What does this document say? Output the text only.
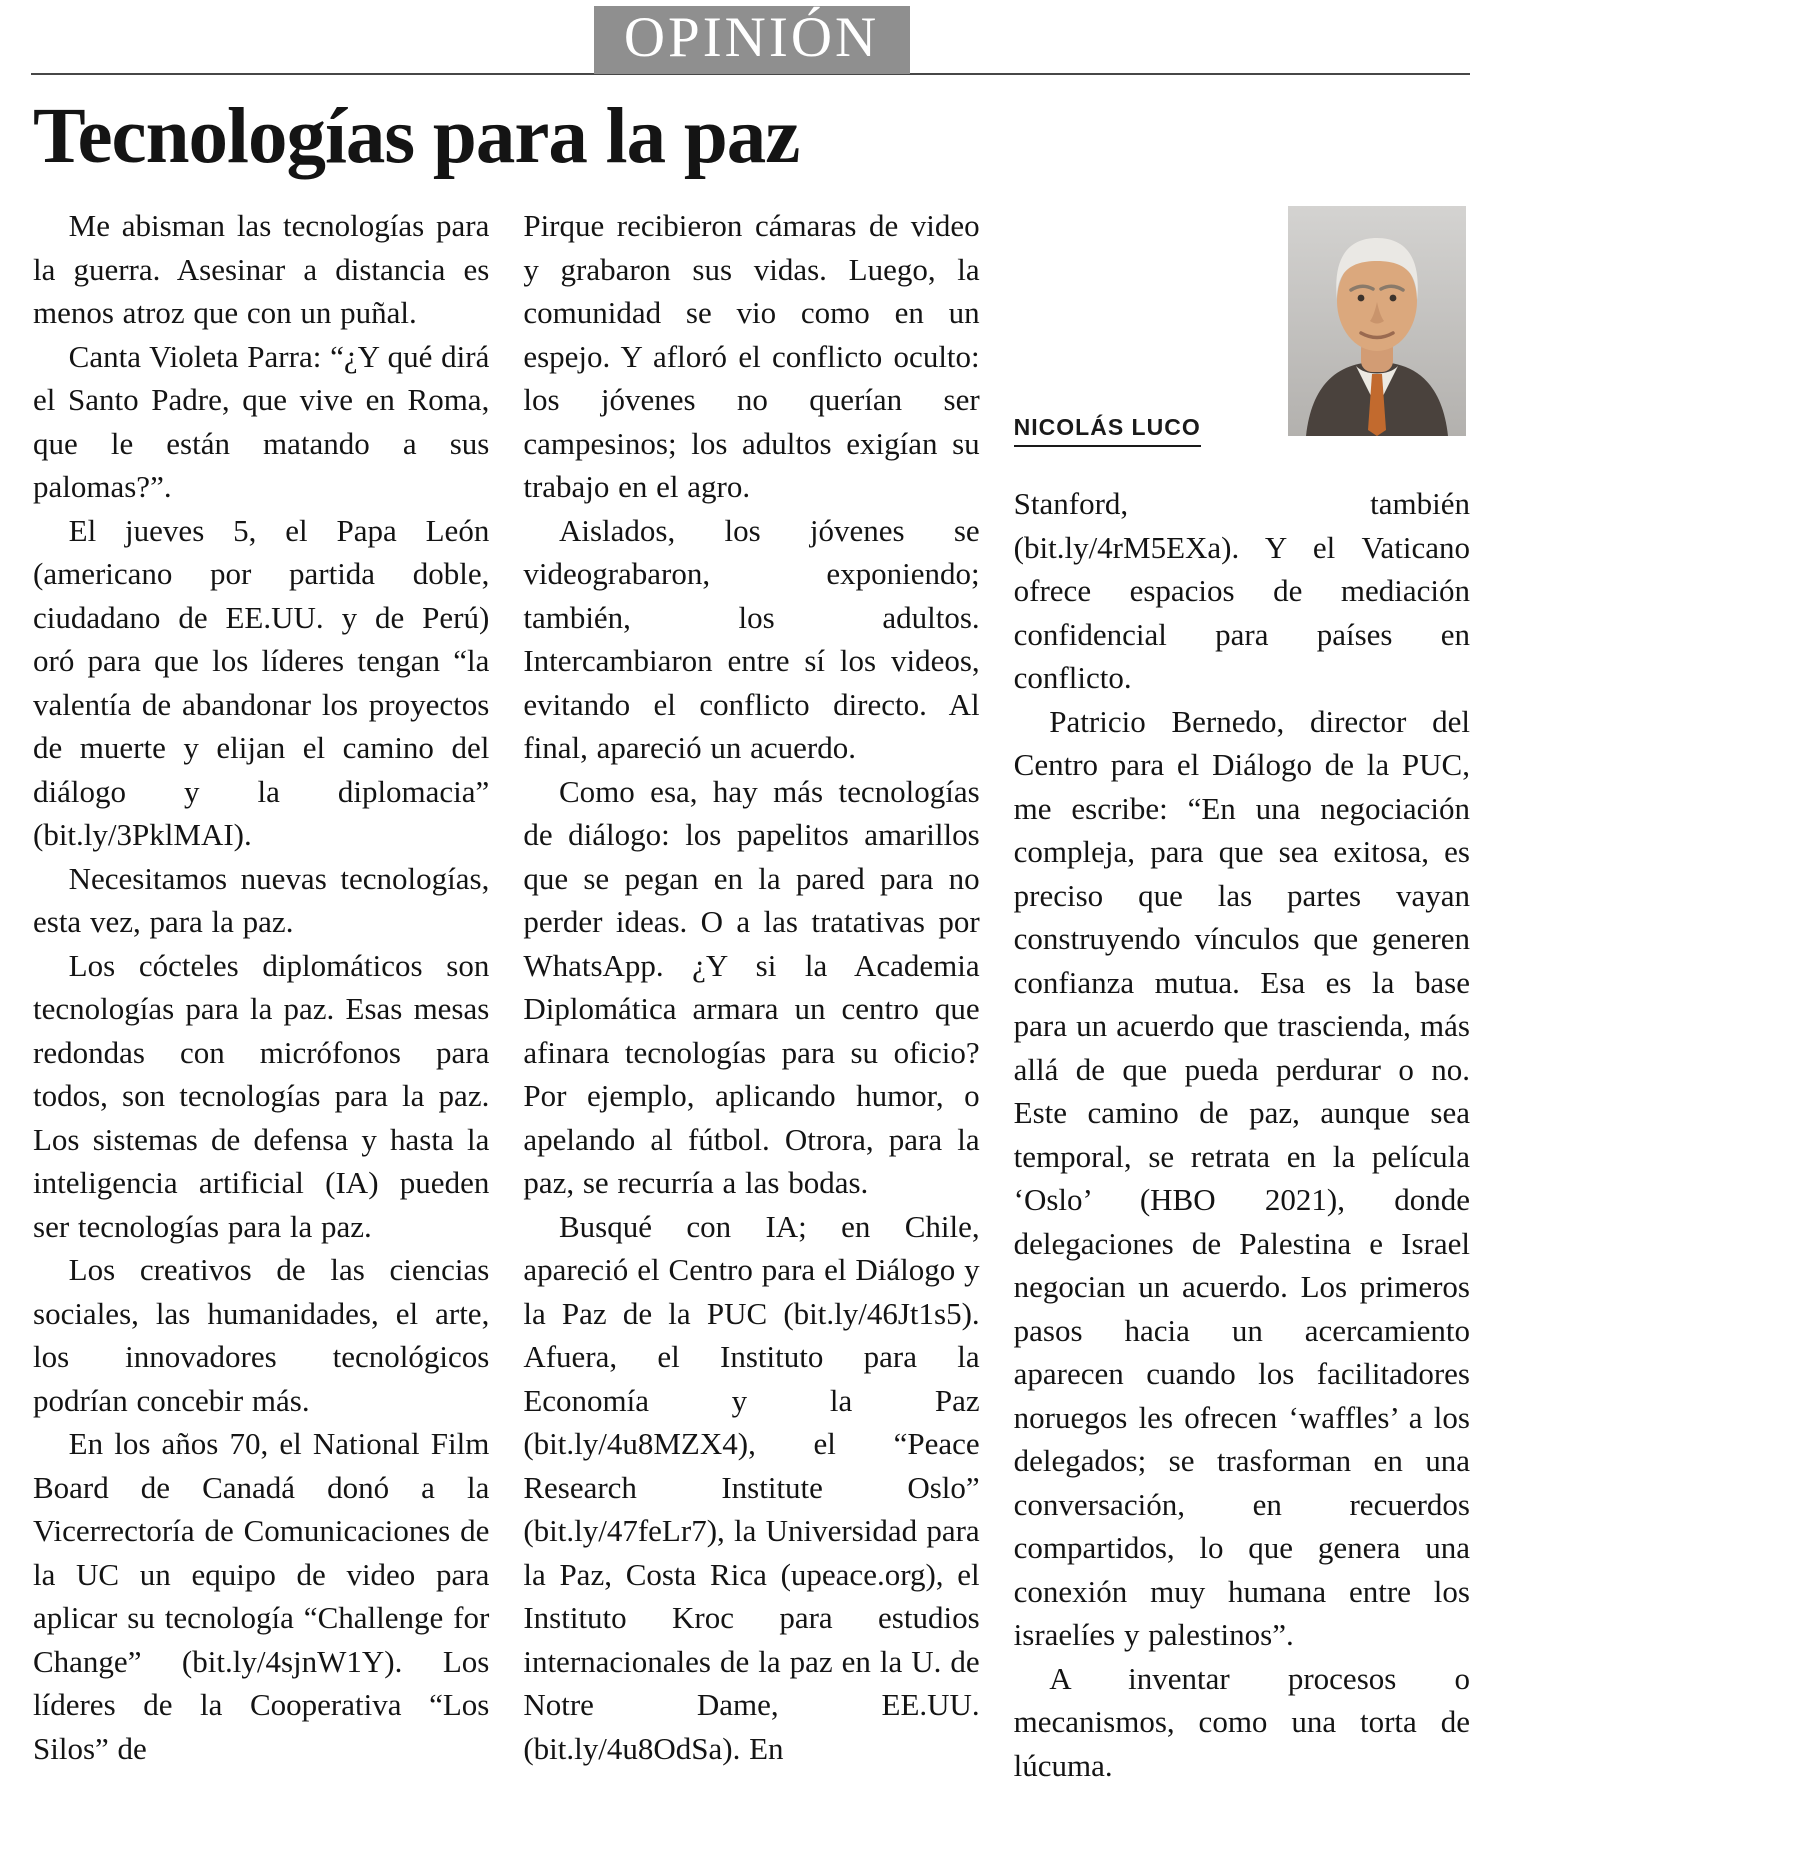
OPINIÓN
Tecnologías para la paz

Me abisman las tecnologías para la guerra. Asesinar a distancia es menos atroz que con un puñal.

Canta Violeta Parra: “¿Y qué dirá el Santo Padre, que vive en Roma, que le están matando a sus palomas?”.

El jueves 5, el Papa León (americano por partida doble, ciudadano de EE.UU. y de Perú) oró para que los líderes tengan “la valentía de abandonar los proyectos de muerte y elijan el camino del diálogo y la diplomacia” (bit.ly/3PklMAI).

Necesitamos nuevas tecnologías, esta vez, para la paz.

Los cócteles diplomáticos son tecnologías para la paz. Esas mesas redondas con micrófonos para todos, son tecnologías para la paz. Los sistemas de defensa y hasta la inteligencia artificial (IA) pueden ser tecnologías para la paz.

Los creativos de las ciencias sociales, las humanidades, el arte, los innovadores tecnológicos podrían concebir más.

En los años 70, el National Film Board de Canadá donó a la Vicerrectoría de Comunicaciones de la UC un equipo de video para aplicar su tecnología “Challenge for Change” (bit.ly/4sjnW1Y). Los líderes de la Cooperativa “Los Silos” de

Pirque recibieron cámaras de video y grabaron sus vidas. Luego, la comunidad se vio como en un espejo. Y afloró el conflicto oculto: los jóvenes no querían ser campesinos; los adultos exigían su trabajo en el agro.

Aislados, los jóvenes se videograbaron, exponiendo; también, los adultos. Intercambiaron entre sí los videos, evitando el conflicto directo. Al final, apareció un acuerdo.

Como esa, hay más tecnologías de diálogo: los papelitos amarillos que se pegan en la pared para no perder ideas. O a las tratativas por WhatsApp. ¿Y si la Academia Diplomática armara un centro que afinara tecnologías para su oficio? Por ejemplo, aplicando humor, o apelando al fútbol. Otrora, para la paz, se recurría a las bodas.

Busqué con IA; en Chile, apareció el Centro para el Diálogo y la Paz de la PUC (bit.ly/46Jt1s5). Afuera, el Instituto para la Economía y la Paz (bit.ly/4u8MZX4), el “Peace Research Institute Oslo” (bit.ly/47feLr7), la Universidad para la Paz, Costa Rica (upeace.org), el Instituto Kroc para estudios internacionales de la paz en la U. de Notre Dame, EE.UU. (bit.ly/4u8OdSa). En

NICOLÁS LUCO

Stanford, también (bit.ly/4rM5EXa). Y el Vaticano ofrece espacios de mediación confidencial para países en conflicto.

Patricio Bernedo, director del Centro para el Diálogo de la PUC, me escribe: “En una negociación compleja, para que sea exitosa, es preciso que las partes vayan construyendo vínculos que generen confianza mutua. Esa es la base para un acuerdo que trascienda, más allá de que pueda perdurar o no. Este camino de paz, aunque sea temporal, se retrata en la película ‘Oslo’ (HBO 2021), donde delegaciones de Palestina e Israel negocian un acuerdo. Los primeros pasos hacia un acercamiento aparecen cuando los facilitadores noruegos les ofrecen ‘waffles’ a los delegados; se trasforman en una conversación, en recuerdos compartidos, lo que genera una conexión muy humana entre los israelíes y palestinos”.

A inventar procesos o mecanismos, como una torta de lúcuma.
